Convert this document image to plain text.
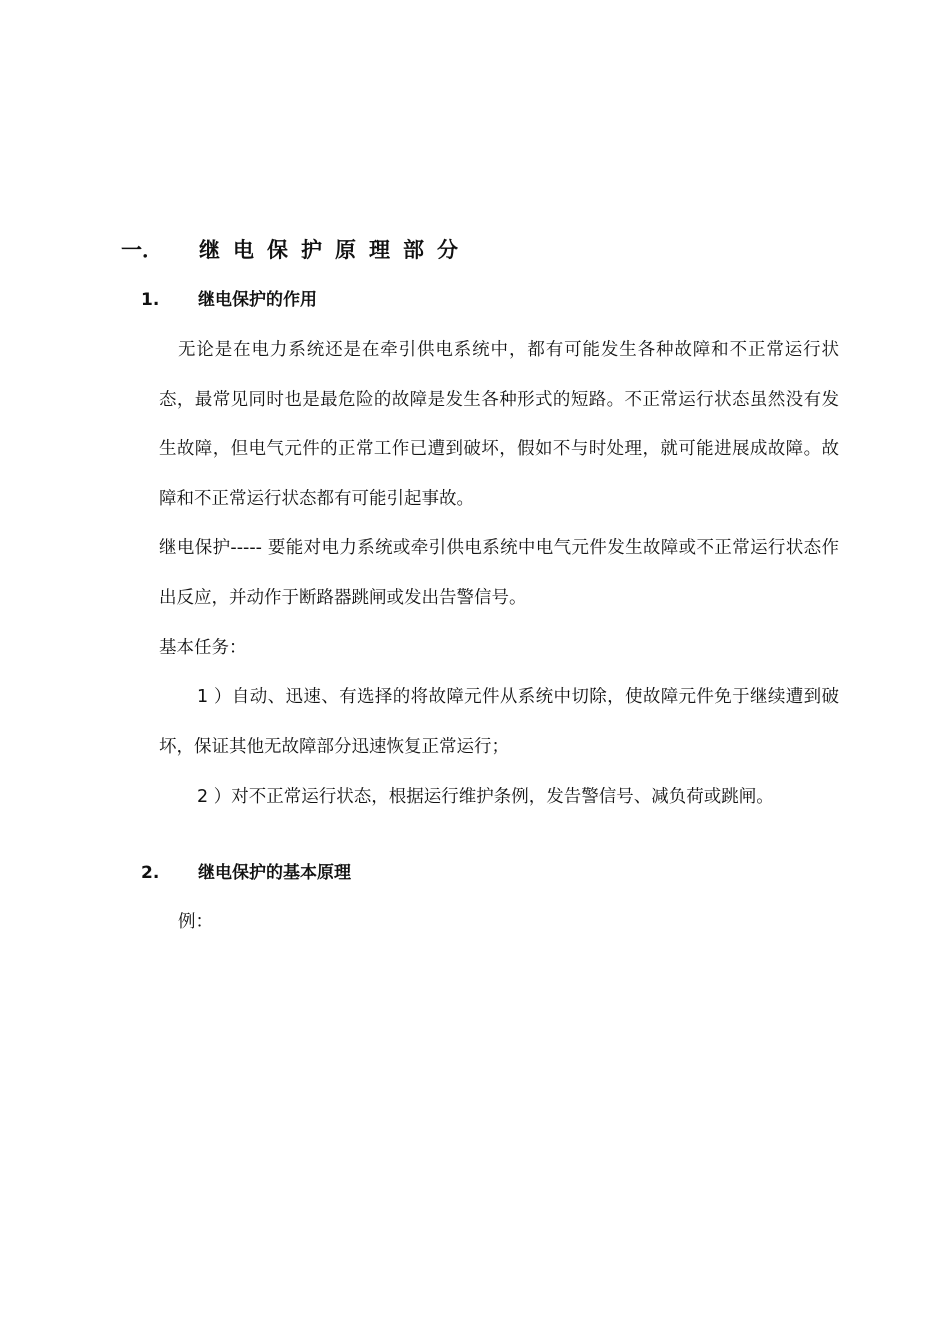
一． 继电保护原理部分
1. 继电保护的作用
无论是在电力系统还是在牵引供电系统中，都有可能发生各种故障和不正常运行状态，最常见同时也是最危险的故障是发生各种形式的短路。不正常运行状态虽然没有发生故障，但电气元件的正常工作已遭到破坏，假如不与时处理，就可能进展成故障。故障和不正常运行状态都有可能引起事故。
继电保护----- 要能对电力系统或牵引供电系统中电气元件发生故障或不正常运行状态作出反应，并动作于断路器跳闸或发出告警信号。
基本任务：
1 ）自动、迅速、有选择的将故障元件从系统中切除，使故障元件免于继续遭到破坏，保证其他无故障部分迅速恢复正常运行；
2 ）对不正常运行状态，根据运行维护条例，发告警信号、减负荷或跳闸。
2. 继电保护的基本原理
例：
